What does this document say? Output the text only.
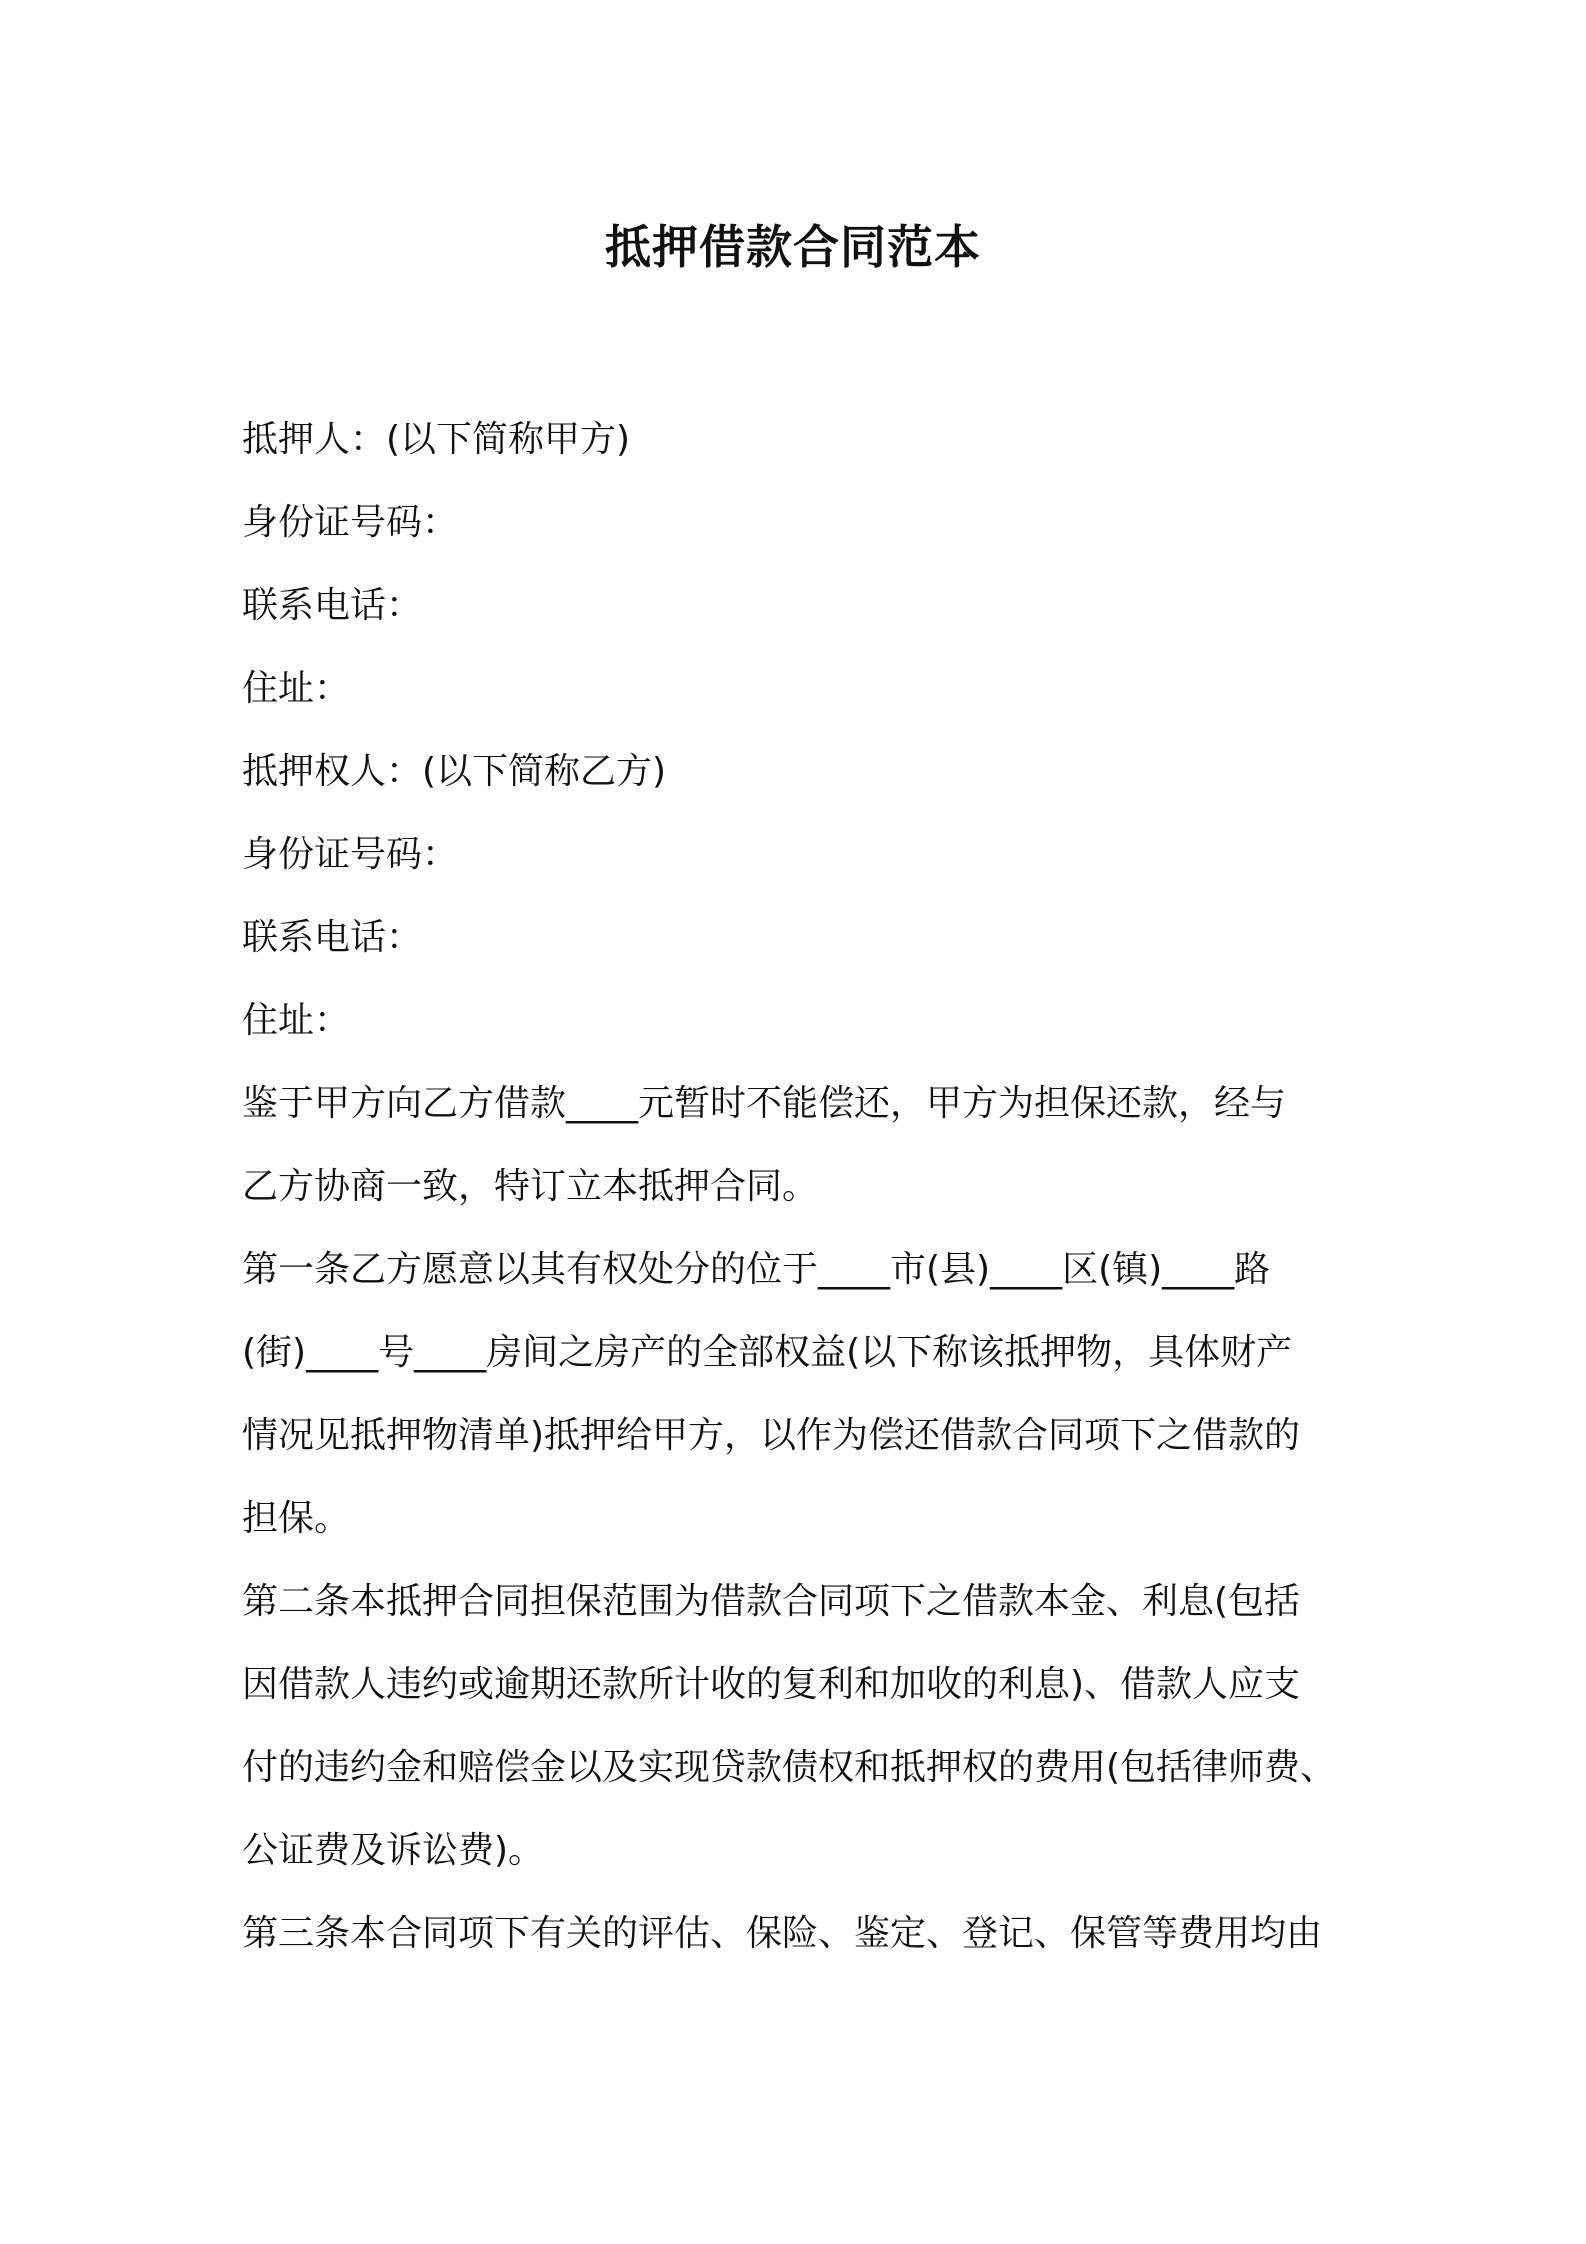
抵押借款合同范本
抵押人：(以下简称甲方)
身份证号码：
联系电话：
住址：
抵押权人：(以下简称乙方)
身份证号码：
联系电话：
住址：
鉴于甲方向乙方借款____元暂时不能偿还，甲方为担保还款，经与
乙方协商一致，特订立本抵押合同。
第一条乙方愿意以其有权处分的位于____市(县)____区(镇)____路
(街)____号____房间之房产的全部权益(以下称该抵押物，具体财产
情况见抵押物清单)抵押给甲方，以作为偿还借款合同项下之借款的
担保。
第二条本抵押合同担保范围为借款合同项下之借款本金、利息(包括
因借款人违约或逾期还款所计收的复利和加收的利息)、借款人应支
付的违约金和赔偿金以及实现贷款债权和抵押权的费用(包括律师费、
公证费及诉讼费)。
第三条本合同项下有关的评估、保险、鉴定、登记、保管等费用均由
